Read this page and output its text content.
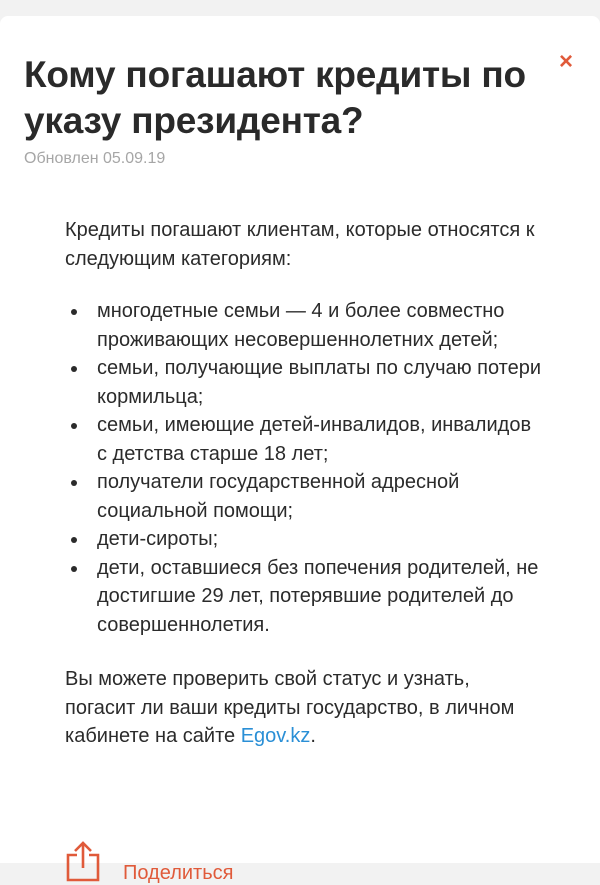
×
Кому погашают кредиты по указу президента?
Обновлен 05.09.19

Кредиты погашают клиентам, которые относятся к следующим категориям:

многодетные семьи — 4 и более совместно проживающих несовершеннолетних детей;
семьи, получающие выплаты по случаю потери кормильца;
семьи, имеющие детей-инвалидов, инвалидов с детства старше 18 лет;
получатели государственной адресной социальной помощи;
дети-сироты;
дети, оставшиеся без попечения родителей, не достигшие 29 лет, потерявшие родителей до совершеннолетия.

Вы можете проверить свой статус и узнать, погасит ли ваши кредиты государство, в личном кабинете на сайте Egov.kz.

Поделиться
